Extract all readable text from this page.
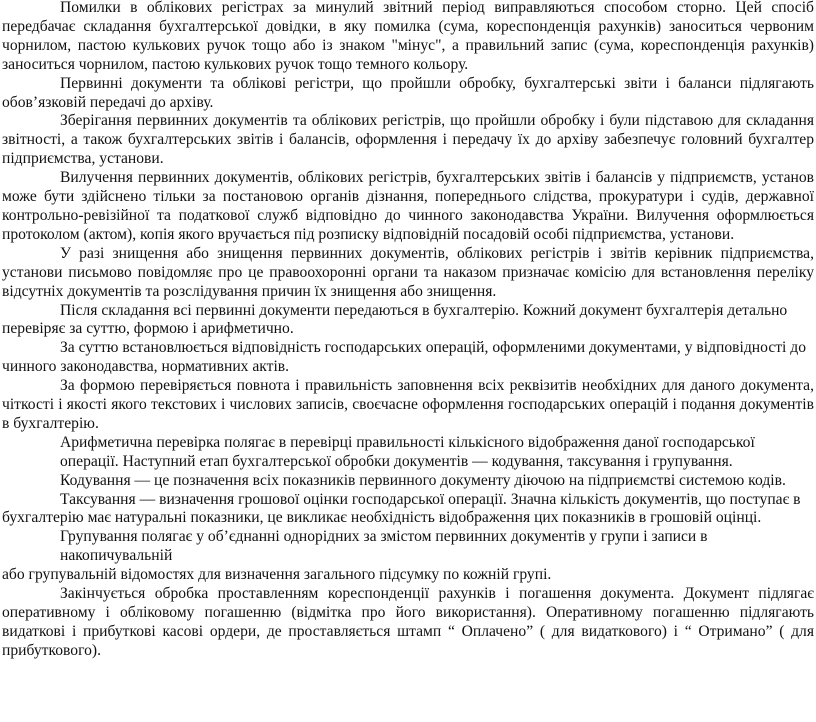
Помилки в облікових регістрах за минулий звітний період виправляються способом сторно. Цей спосіб передбачає складання бухгалтерської довідки, в яку помилка (сума, кореспонденція рахунків) заноситься червоним чорнилом, пастою кулькових ручок тощо або із знаком "мінус", а правильний запис (сума, кореспонденція рахунків) заноситься чорнилом, пастою кулькових ручок тощо темного кольору.

Первинні документи та облікові регістри, що пройшли обробку, бухгалтерські звіти і баланси підлягають обов’язковій передачі до архіву.

Зберігання первинних документів та облікових регістрів, що пройшли обробку і були підставою для складання звітності, а також бухгалтерських звітів і балансів, оформлення і передачу їх до архіву забезпечує головний бухгалтер підприємства, установи.

Вилучення первинних документів, облікових регістрів, бухгалтерських звітів і балансів у підприємств, установ може бути здійснено тільки за постановою органів дізнання, попереднього слідства, прокуратури і судів, державної контрольно-ревізійної та податкової служб відповідно до чинного законодавства України. Вилучення оформлюється протоколом (актом), копія якого вручається під розписку відповідній посадовій особі підприємства, установи.

У разі знищення або знищення первинних документів, облікових регістрів і звітів керівник підприємства, установи письмово повідомляє про це правоохоронні органи та наказом призначає комісію для встановлення переліку відсутніх документів та розслідування причин їх знищення або знищення.

Після складання всі первинні документи передаються в бухгалтерію. Кожний документ бухгалтерія детально перевіряє за суттю, формою і арифметично.

За суттю встановлюється відповідність господарських операцій, оформленими документами, у відповідності до чинного законодавства, нормативних актів.

За формою перевіряється повнота і правильність заповнення всіх реквізитів необхідних для даного документа, чіткості і якості якого текстових і числових записів, своєчасне оформлення господарських операцій і подання документів в бухгалтерію.

Арифметична перевірка полягає в перевірці правильності кількісного відображення даної господарської операції. Наступний етап бухгалтерської обробки документів — кодування, таксування і групування.

Кодування — це позначення всіх показників первинного документу діючою на підприємстві системою кодів. Таксування — визначення грошової оцінки господарської операції. Значна кількість документів, що поступає в

бухгалтерію має натуральні показники, це викликає необхідність відображення цих показників в грошовій оцінці.

Групування полягає у об’єднанні однорідних за змістом первинних документів у групи і записи в накопичувальній

або групувальній відомостях для визначення загального підсумку по кожній групі.

Закінчується обробка проставленням кореспонденції рахунків і погашення документа. Документ підлягає оперативному і обліковому погашенню (відмітка про його використання). Оперативному погашенню підлягають видаткові і прибуткові касові ордери, де проставляється штамп “ Оплачено” ( для видаткового) і “ Отримано” ( для прибуткового).
